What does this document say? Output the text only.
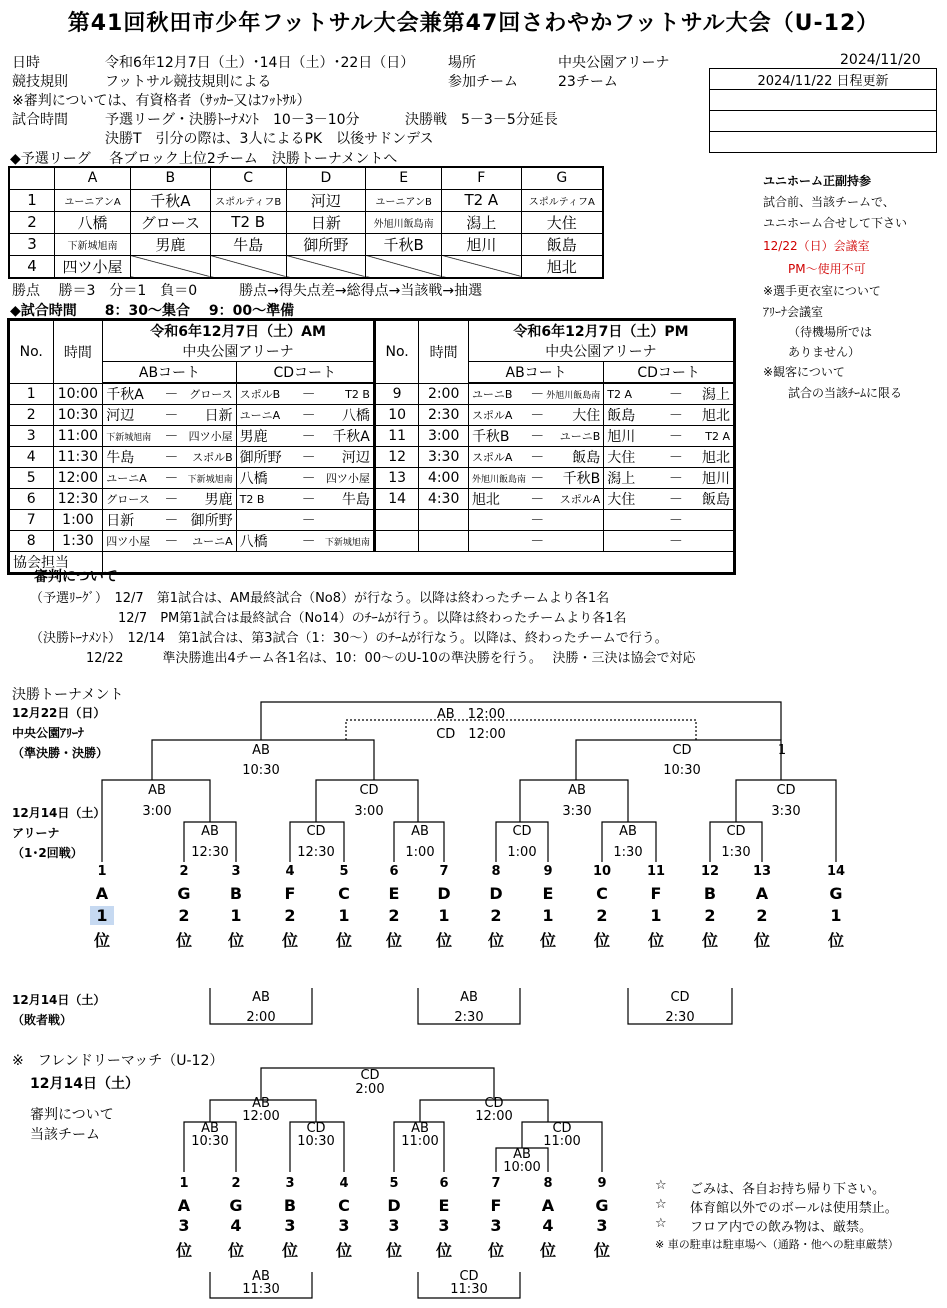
第41回秋田市少年フットサル大会兼第47回さわやかフットサル大会（U-12）
日時	令和6年12月7日（土）･14日（土）･22日（日） 場所	中央公園アリーナ	2024/11/20
競技規則	フットサル競技規則による	参加チーム	23チーム
※審判については、有資格者（ｻｯｶｰ又はﾌｯﾄｻﾙ）
試合時間	予選リーグ・決勝ﾄｰﾅﾒﾝﾄ　10－3－10分	決勝戦　5－3－5分延長
決勝T　引分の際は、3人によるPK　以後サドンデス
2024/11/22 日程更新

◆予選リーグ　 各ブロック上位2チーム　決勝トーナメントへ
	A	B	C	D	E	F	G
1	ユーニアンA	千秋A	スポルティフB	河辺	ユーニアンB	T2 A	スポルティフA
2	八橋	グロース	T2 B	日新	外旭川飯島南	潟上	大住
3	下新城旭南	男鹿	牛島	御所野	千秋B	旭川	飯島
4	四ツ小屋						旭北
勝点　 勝＝3　分＝1　負＝0　　　勝点→得失点差→総得点→当該戦→抽選
ユニホーム正副持参
試合前、当該チームで、
ユニホーム合せして下さい
12/22（日）会議室
PM～使用不可
※選手更衣室について
ｱﾘｰﾅ会議室
（待機場所では
ありません）
※観客について
試合の当該ﾁｰﾑに限る
◆試合時間　　8：30～集合　 9：00～準備
No.	時間	令和6年12月7日（土）AM						No.	時間	令和6年12月7日（土）PM					
		中央公園アリーナ								中央公園アリーナ					
		ABコート			CDコート					ABコート			CDコート		
1	10:00	千秋A	－	グロース	スポルB	－	T2 B	9	2:00	ユーニB	－	外旭川飯島南	T2 A	－	潟上
2	10:30	河辺	－	日新	ユーニA	－	八橋	10	2:30	スポルA	－	大住	飯島	－	旭北
3	11:00	下新城旭南	－	四ツ小屋	男鹿	－	千秋A	11	3:00	千秋B	－	ユーニB	旭川	－	T2 A
4	11:30	牛島	－	スポルB	御所野	－	河辺	12	3:30	スポルA	－	飯島	大住	－	旭北
5	12:00	ユーニA	－	下新城旭南	八橋	－	四ツ小屋	13	4:00	外旭川飯島南	－	千秋B	潟上	－	旭川
6	12:30	グロース	－	男鹿	T2 B	－	牛島	14	4:30	旭北	－	スポルA	大住	－	飯島
7	1:00	日新	－	御所野		－					－			－	
8	1:30	四ツ小屋	－	ユーニA	八橋	－	下新城旭南				－			－	
協会担当															
審判について
（予選ﾘｰｸﾞ）　12/7　第1試合は、AM最終試合（No8）が行なう。以降は終わったチームより各1名
12/7　PM第1試合は最終試合（No14）のﾁｰﾑが行う。以降は終わったチームより各1名
（決勝ﾄｰﾅﾒﾝﾄ）　12/14　第1試合は、第3試合（1：30～）のﾁｰﾑが行なう。以降は、終わったチームで行う。
12/22　　　準決勝進出4チーム各1名は、10：00～のU-10の準決勝を行う。　 決勝・三決は協会で対応
決勝トーナメント
12月22日（日）
中央公園ｱﾘｰﾅ
（準決勝・決勝）
12月14日（土）
アリーナ
（1･2回戦）
AB　12:00
CD　12:00
AB
10:30
CD
10:30
1
AB
3:00
CD
3:00
AB
3:30
CD
3:30
AB
12:30
CD
12:30
AB
1:00
CD
1:00
AB
1:30
CD
1:30
1
A
1
位
2
G
2
位
3
B
1
位
4
F
2
位
5
C
1
位
6
E
2
位
7
D
1
位
8
D
2
位
9
E
1
位
10
C
2
位
11
F
1
位
12
B
2
位
13
A
2
位
14
G
1
位
12月14日（土）
（敗者戦）
AB
2:00
AB
2:30
CD
2:30
※　フレンドリーマッチ（U-12）
12月14日（土）
審判について
当該チーム
CD
2:00
AB
12:00
CD
12:00
AB
10:30
CD
10:30
AB
11:00
CD
11:00
AB
10:00
1
A
3
位
2
G
4
位
3
B
3
位
4
C
3
位
5
D
3
位
6
E
3
位
7
F
3
位
8
A
4
位
9
G
3
位
AB
11:30
CD
11:30
☆ ごみは、各自お持ち帰り下さい。
☆ 体育館以外でのボールは使用禁止。
☆ フロア内での飲み物は、厳禁。
※ 車の駐車は駐車場へ（通路・他への駐車厳禁）
